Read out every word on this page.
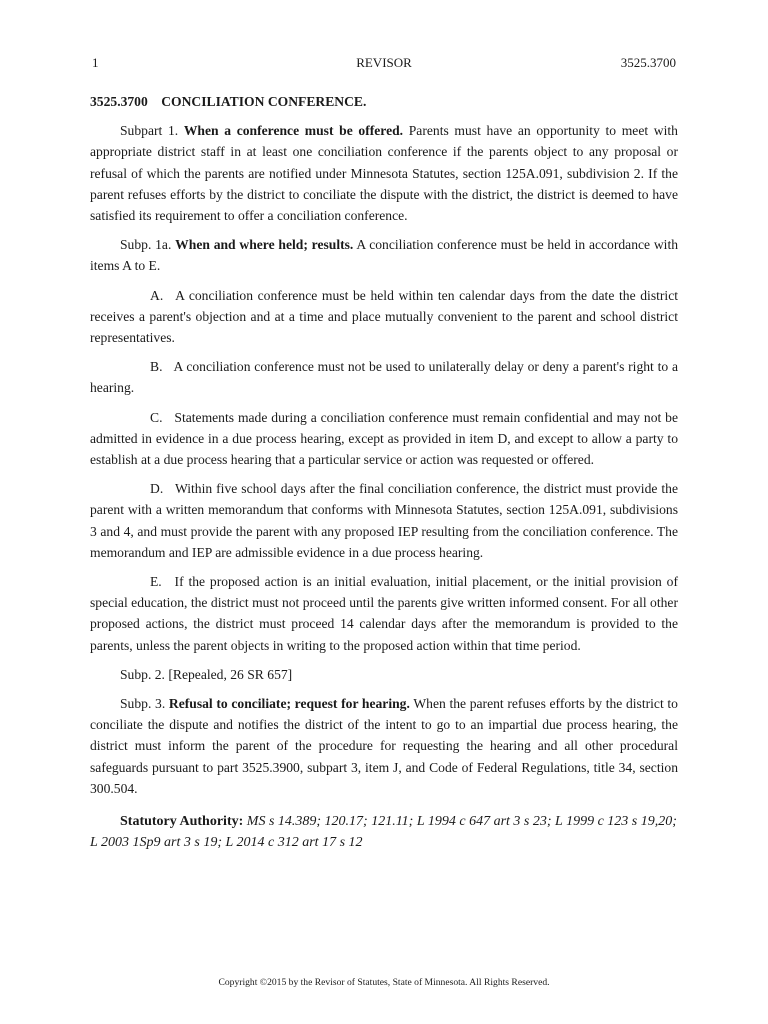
1	REVISOR	3525.3700
3525.3700 CONCILIATION CONFERENCE.

Subpart 1. When a conference must be offered. Parents must have an opportunity to meet with appropriate district staff in at least one conciliation conference if the parents object to any proposal or refusal of which the parents are notified under Minnesota Statutes, section 125A.091, subdivision 2. If the parent refuses efforts by the district to conciliate the dispute with the district, the district is deemed to have satisfied its requirement to offer a conciliation conference.

Subp. 1a. When and where held; results. A conciliation conference must be held in accordance with items A to E.

A. A conciliation conference must be held within ten calendar days from the date the district receives a parent's objection and at a time and place mutually convenient to the parent and school district representatives.

B. A conciliation conference must not be used to unilaterally delay or deny a parent's right to a hearing.

C. Statements made during a conciliation conference must remain confidential and may not be admitted in evidence in a due process hearing, except as provided in item D, and except to allow a party to establish at a due process hearing that a particular service or action was requested or offered.

D. Within five school days after the final conciliation conference, the district must provide the parent with a written memorandum that conforms with Minnesota Statutes, section 125A.091, subdivisions 3 and 4, and must provide the parent with any proposed IEP resulting from the conciliation conference. The memorandum and IEP are admissible evidence in a due process hearing.

E. If the proposed action is an initial evaluation, initial placement, or the initial provision of special education, the district must not proceed until the parents give written informed consent. For all other proposed actions, the district must proceed 14 calendar days after the memorandum is provided to the parents, unless the parent objects in writing to the proposed action within that time period.

Subp. 2. [Repealed, 26 SR 657]

Subp. 3. Refusal to conciliate; request for hearing. When the parent refuses efforts by the district to conciliate the dispute and notifies the district of the intent to go to an impartial due process hearing, the district must inform the parent of the procedure for requesting the hearing and all other procedural safeguards pursuant to part 3525.3900, subpart 3, item J, and Code of Federal Regulations, title 34, section 300.504.

Statutory Authority: MS s 14.389; 120.17; 121.11; L 1994 c 647 art 3 s 23; L 1999 c 123 s 19,20; L 2003 1Sp9 art 3 s 19; L 2014 c 312 art 17 s 12

Copyright ©2015 by the Revisor of Statutes, State of Minnesota. All Rights Reserved.
